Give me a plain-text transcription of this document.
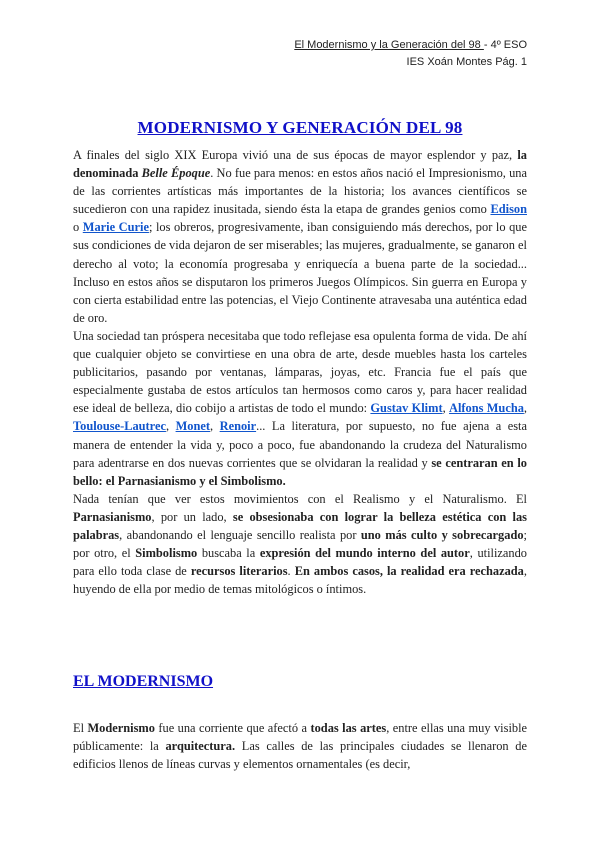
El Modernismo y la Generación del 98 - 4º ESO
IES Xoán Montes Pág. 1
MODERNISMO Y GENERACIÓN DEL 98

A finales del siglo XIX Europa vivió una de sus épocas de mayor esplendor y paz, la denominada Belle Époque. No fue para menos: en estos años nació el Impresionismo, una de las corrientes artísticas más importantes de la historia; los avances científicos se sucedieron con una rapidez inusitada, siendo ésta la etapa de grandes genios como Edison o Marie Curie; los obreros, progresivamente, iban consiguiendo más derechos, por lo que sus condiciones de vida dejaron de ser miserables; las mujeres, gradualmente, se ganaron el derecho al voto; la economía progresaba y enriquecía a buena parte de la sociedad... Incluso en estos años se disputaron los primeros Juegos Olímpicos. Sin guerra en Europa y con cierta estabilidad entre las potencias, el Viejo Continente atravesaba una auténtica edad de oro.

Una sociedad tan próspera necesitaba que todo reflejase esa opulenta forma de vida. De ahí que cualquier objeto se convirtiese en una obra de arte, desde muebles hasta los carteles publicitarios, pasando por ventanas, lámparas, joyas, etc. Francia fue el país que especialmente gustaba de estos artículos tan hermosos como caros y, para hacer realidad ese ideal de belleza, dio cobijo a artistas de todo el mundo: Gustav Klimt, Alfons Mucha, Toulouse-Lautrec, Monet, Renoir... La literatura, por supuesto, no fue ajena a esta manera de entender la vida y, poco a poco, fue abandonando la crudeza del Naturalismo para adentrarse en dos nuevas corrientes que se olvidaran la realidad y se centraran en lo bello: el Parnasianismo y el Simbolismo.

Nada tenían que ver estos movimientos con el Realismo y el Naturalismo. El Parnasianismo, por un lado, se obsesionaba con lograr la belleza estética con las palabras, abandonando el lenguaje sencillo realista por uno más culto y sobrecargado; por otro, el Simbolismo buscaba la expresión del mundo interno del autor, utilizando para ello toda clase de recursos literarios. En ambos casos, la realidad era rechazada, huyendo de ella por medio de temas mitológicos o íntimos.

EL MODERNISMO

El Modernismo fue una corriente que afectó a todas las artes, entre ellas una muy visible públicamente: la arquitectura. Las calles de las principales ciudades se llenaron de edificios llenos de líneas curvas y elementos ornamentales (es decir,
